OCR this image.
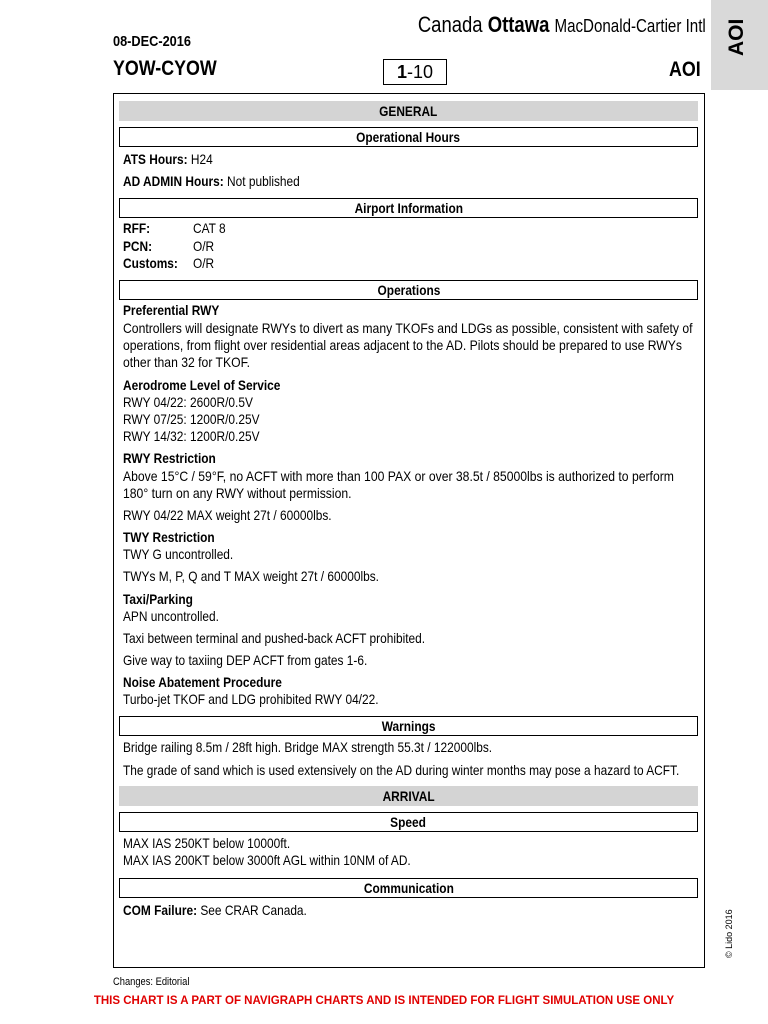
08-DEC-2016
YOW-CYOW
Canada Ottawa MacDonald-Cartier Intl
1-10	AOI
AOI
GENERAL
Operational Hours
ATS Hours: H24
AD ADMIN Hours: Not published
Airport Information
RFF:	CAT 8
PCN:	O/R
Customs:	O/R
Operations
Preferential RWY
Controllers will designate RWYs to divert as many TKOFs and LDGs as possible, consistent with safety of operations, from flight over residential areas adjacent to the AD. Pilots should be prepared to use RWYs other than 32 for TKOF.
Aerodrome Level of Service
RWY 04/22: 2600R/0.5V
RWY 07/25: 1200R/0.25V
RWY 14/32: 1200R/0.25V
RWY Restriction
Above 15°C / 59°F, no ACFT with more than 100 PAX or over 38.5t / 85000lbs is authorized to perform 180° turn on any RWY without permission.
RWY 04/22 MAX weight 27t / 60000lbs.
TWY Restriction
TWY G uncontrolled.
TWYs M, P, Q and T MAX weight 27t / 60000lbs.
Taxi/Parking
APN uncontrolled.
Taxi between terminal and pushed-back ACFT prohibited.
Give way to taxiing DEP ACFT from gates 1-6.
Noise Abatement Procedure
Turbo-jet TKOF and LDG prohibited RWY 04/22.
Warnings
Bridge railing 8.5m / 28ft high. Bridge MAX strength 55.3t / 122000lbs.
The grade of sand which is used extensively on the AD during winter months may pose a hazard to ACFT.
ARRIVAL
Speed
MAX IAS 250KT below 10000ft.
MAX IAS 200KT below 3000ft AGL within 10NM of AD.
Communication
COM Failure: See CRAR Canada.	© Lido 2016
Changes: Editorial
THIS CHART IS A PART OF NAVIGRAPH CHARTS AND IS INTENDED FOR FLIGHT SIMULATION USE ONLY
